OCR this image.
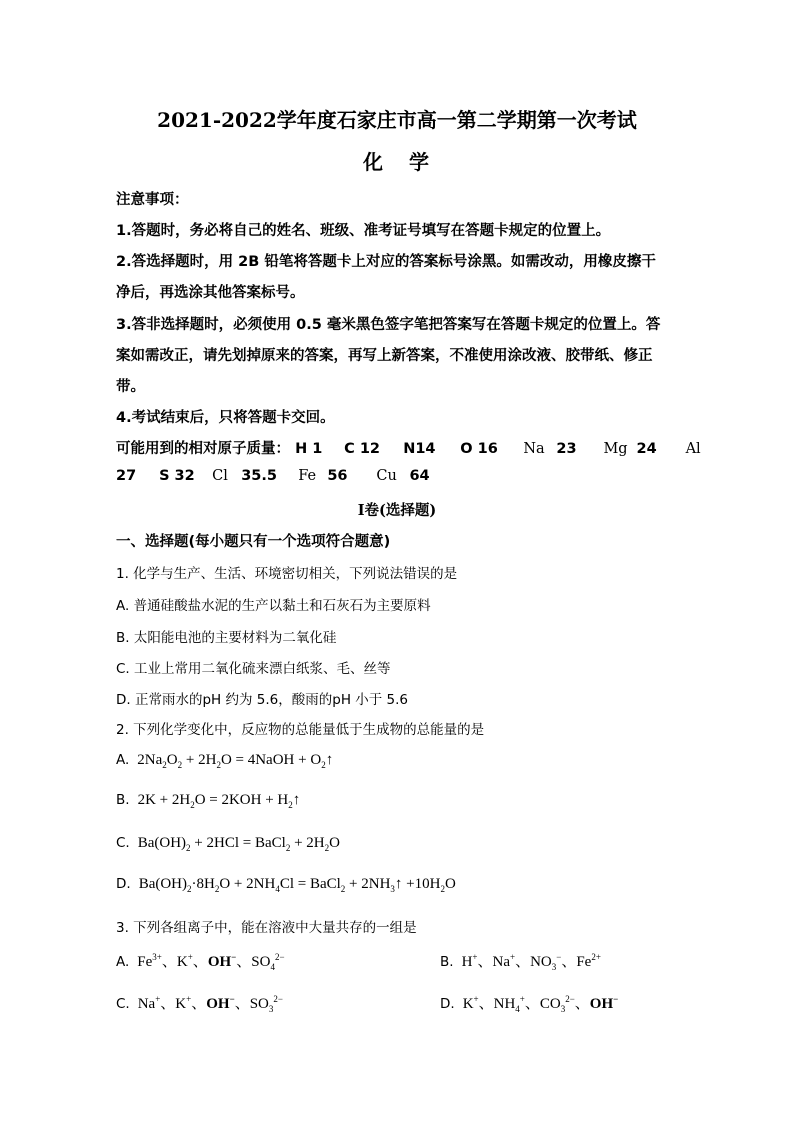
2021-2022学年度石家庄市高一第二学期第一次考试
化 学
注意事项：
1.答题时，务必将自己的姓名、班级、准考证号填写在答题卡规定的位置上。
2.答选择题时，用 2B 铅笔将答题卡上对应的答案标号涂黑。如需改动，用橡皮擦干
净后，再选涂其他答案标号。
3.答非选择题时，必须使用 0.5 毫米黑色签字笔把答案写在答题卡规定的位置上。答
案如需改正，请先划掉原来的答案，再写上新答案，不准使用涂改液、胶带纸、修正
带。
4.考试结束后，只将答题卡交回。
可能用到的相对原子质量： H 1 C 12 N14 O 16 Na 23 Mg 24 Al
27 S 32 Cl 35.5 Fe 56 Cu 64
Ⅰ卷(选择题)
一、选择题(每小题只有一个选项符合题意)
1. 化学与生产、生活、环境密切相关，下列说法错误的是
A. 普通硅酸盐水泥的生产以黏土和石灰石为主要原料
B. 太阳能电池的主要材料为二氧化硅
C. 工业上常用二氧化硫来漂白纸浆、毛、丝等
D. 正常雨水的pH 约为 5.6，酸雨的pH 小于 5.6
2. 下列化学变化中，反应物的总能量低于生成物的总能量的是
A. $2Na_2O_2 + 2H_2O$ = 4NaOH + $O_2↑$
B. $2K + 2H_2O = 2KOH$ + $H_2↑$
C. $Ba(OH)_2 + 2HCl$ = BaCl$_2$ + $2H_2O$
D. $Ba(OH)_2\cdot 8H_2O + 2NH_4Cl$ = BaCl$_2$ + $2NH_3↑ +10H_2O$
3. 下列各组离子中，能在溶液中大量共存的一组是
A. $Fe^{3+}$、K+、OH−、$SO_4^{2-}$	B. H+、Na+、$NO_3^-$、$Fe^{2+}$
C. Na+、K+、OH−、$SO_3^{2-}$	D. K+、$NH_4^+$、$CO_3^{2-}$、OH−
